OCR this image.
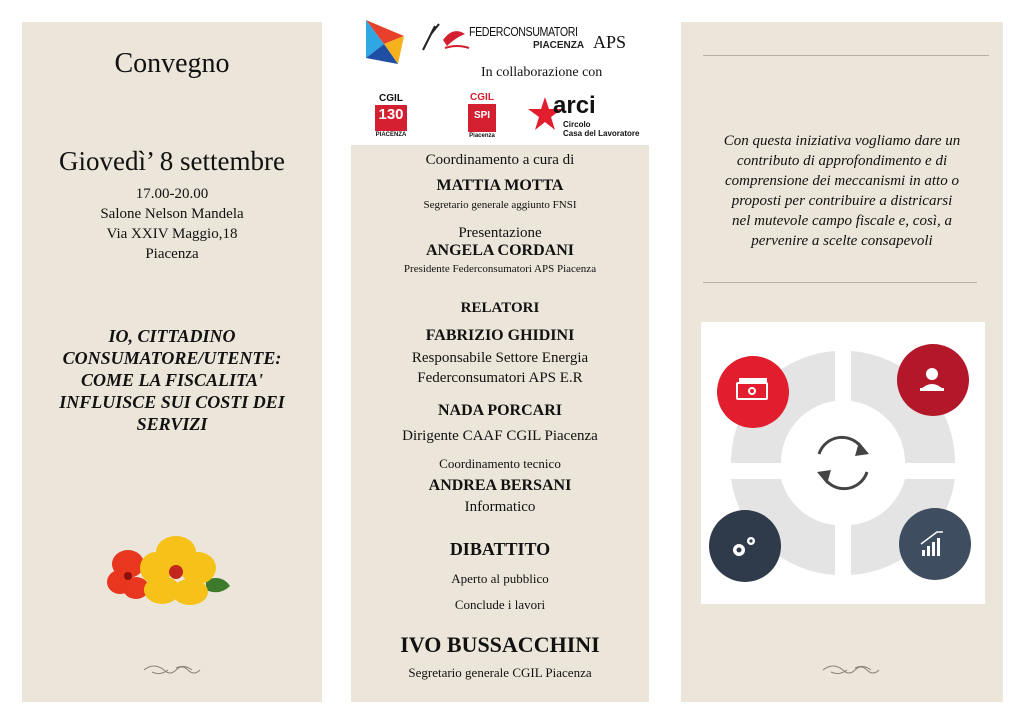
FEDERCONSUMATORI
PIACENZA APS
In collaborazione con
CGIL
130
PIACENZA
CGIL
SPI
Piacenza
arci
Circolo
Casa del Lavoratore
Convegno
Giovedì’ 8 settembre
17.00-20.00
Salone Nelson Mandela
Via XXIV Maggio,18
Piacenza
IO, CITTADINO
CONSUMATORE/UTENTE:
COME LA FISCALITA'
INFLUISCE SUI COSTI DEI
SERVIZI
Coordinamento a cura di
MATTIA MOTTA
Segretario generale aggiunto FNSI
Presentazione
ANGELA CORDANI
Presidente Federconsumatori APS Piacenza
RELATORI
FABRIZIO GHIDINI
Responsabile Settore Energia
Federconsumatori APS E.R
NADA PORCARI
Dirigente CAAF CGIL Piacenza
Coordinamento tecnico
ANDREA BERSANI
Informatico
DIBATTITO
Aperto al pubblico
Conclude i lavori
IVO BUSSACCHINI
Segretario generale CGIL Piacenza
Con questa iniziativa vogliamo dare un
contributo di approfondimento e di
comprensione dei meccanismi in atto o
proposti per contribuire a districarsi
nel mutevole campo fiscale e, così, a
pervenire a scelte consapevoli
